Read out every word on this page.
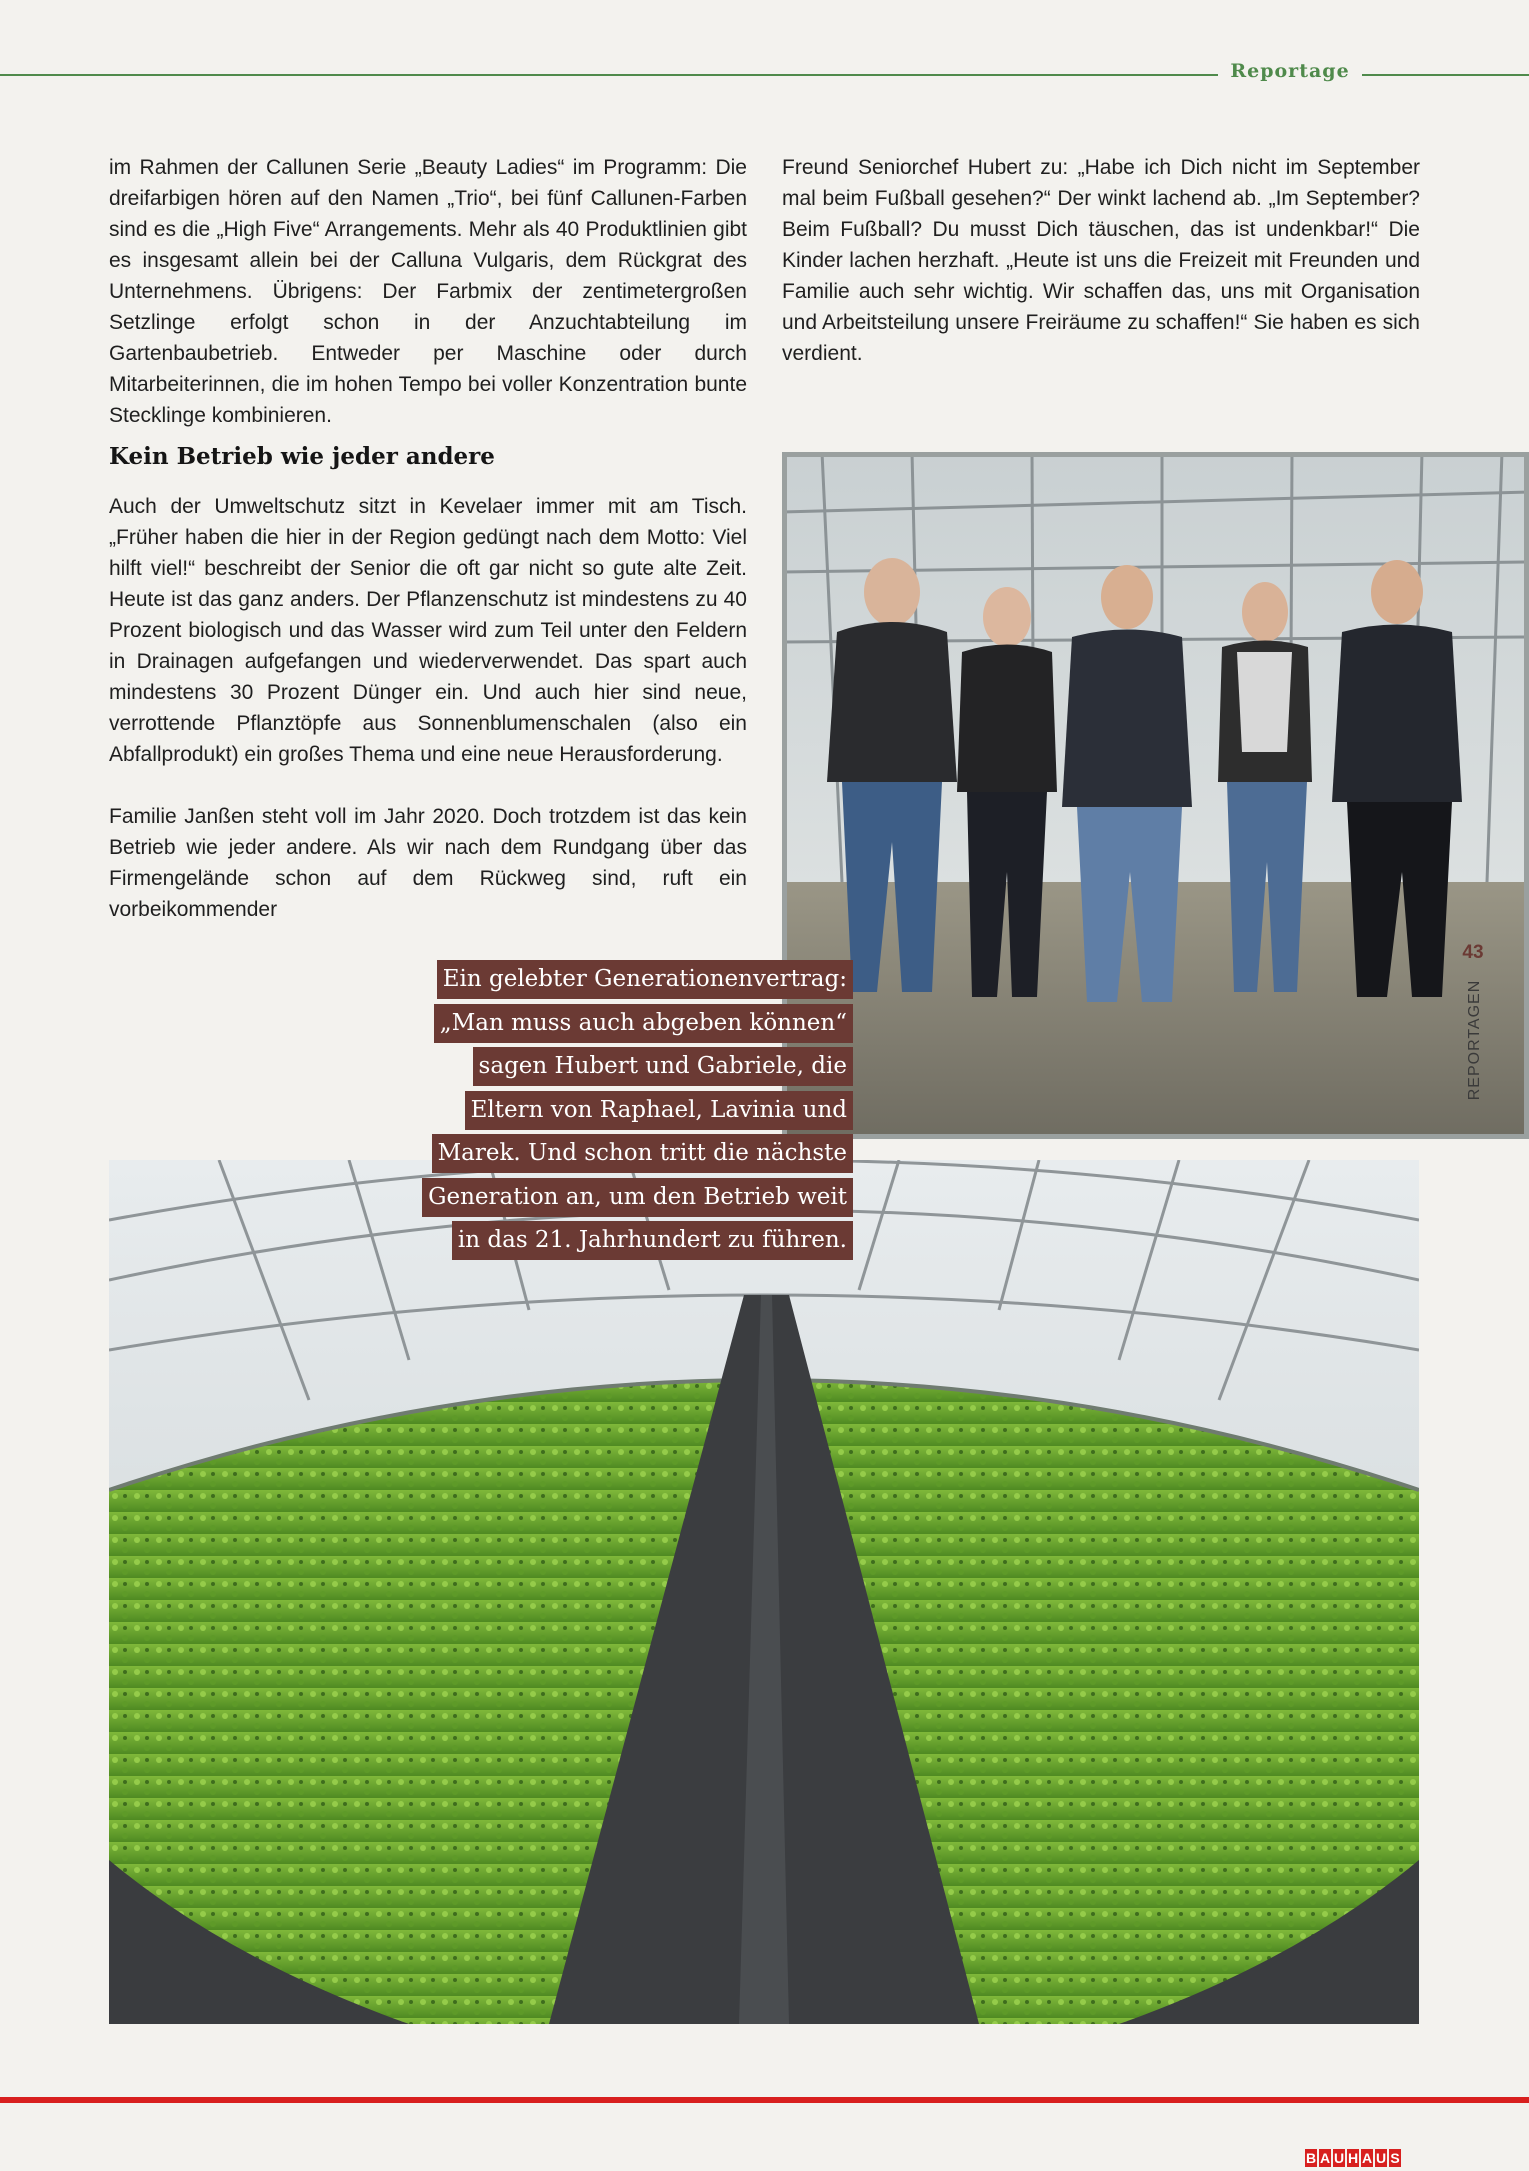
Reportage

im Rahmen der Callunen Serie „Beauty Ladies“ im Programm: Die dreifarbigen hören auf den Namen „Trio“, bei fünf Callunen-Farben sind es die „High Five“ Arrangements. Mehr als 40 Produktlinien gibt es insgesamt allein bei der Calluna Vulgaris, dem Rückgrat des Unternehmens. Übrigens: Der Farbmix der zentimetergroßen Setzlinge erfolgt schon in der Anzuchtabteilung im Gartenbaubetrieb. Entweder per Maschine oder durch Mitarbeiterinnen, die im hohen Tempo bei voller Konzentration bunte Stecklinge kombinieren.

Freund Seniorchef Hubert zu: „Habe ich Dich nicht im September mal beim Fußball gesehen?“ Der winkt lachend ab. „Im September? Beim Fußball? Du musst Dich täuschen, das ist undenkbar!“ Die Kinder lachen herzhaft. „Heute ist uns die Freizeit mit Freunden und Familie auch sehr wichtig. Wir schaffen das, uns mit Organisation und Arbeitsteilung unsere Freiräume zu schaffen!“ Sie haben es sich verdient.

Kein Betrieb wie jeder andere

Auch der Umweltschutz sitzt in Kevelaer immer mit am Tisch. „Früher haben die hier in der Region gedüngt nach dem Motto: Viel hilft viel!“ beschreibt der Senior die oft gar nicht so gute alte Zeit. Heute ist das ganz anders. Der Pflanzenschutz ist mindestens zu 40 Prozent biologisch und das Wasser wird zum Teil unter den Feldern in Drainagen aufgefangen und wiederverwendet. Das spart auch mindestens 30 Prozent Dünger ein. Und auch hier sind neue, verrottende Pflanztöpfe aus Sonnenblumenschalen (also ein Abfallprodukt) ein großes Thema und eine neue Herausforderung.

Familie Janßen steht voll im Jahr 2020. Doch trotzdem ist das kein Betrieb wie jeder andere. Als wir nach dem Rundgang über das Firmengelände schon auf dem Rückweg sind, ruft ein vorbeikommender

Ein gelebter Generationenvertrag:
„Man muss auch abgeben können“
sagen Hubert und Gabriele, die
Eltern von Raphael, Lavinia und
Marek. Und schon tritt die nächste
Generation an, um den Betrieb weit
in das 21. Jahrhundert zu führen.
43
REPORTAGEN
B A U H A U S
